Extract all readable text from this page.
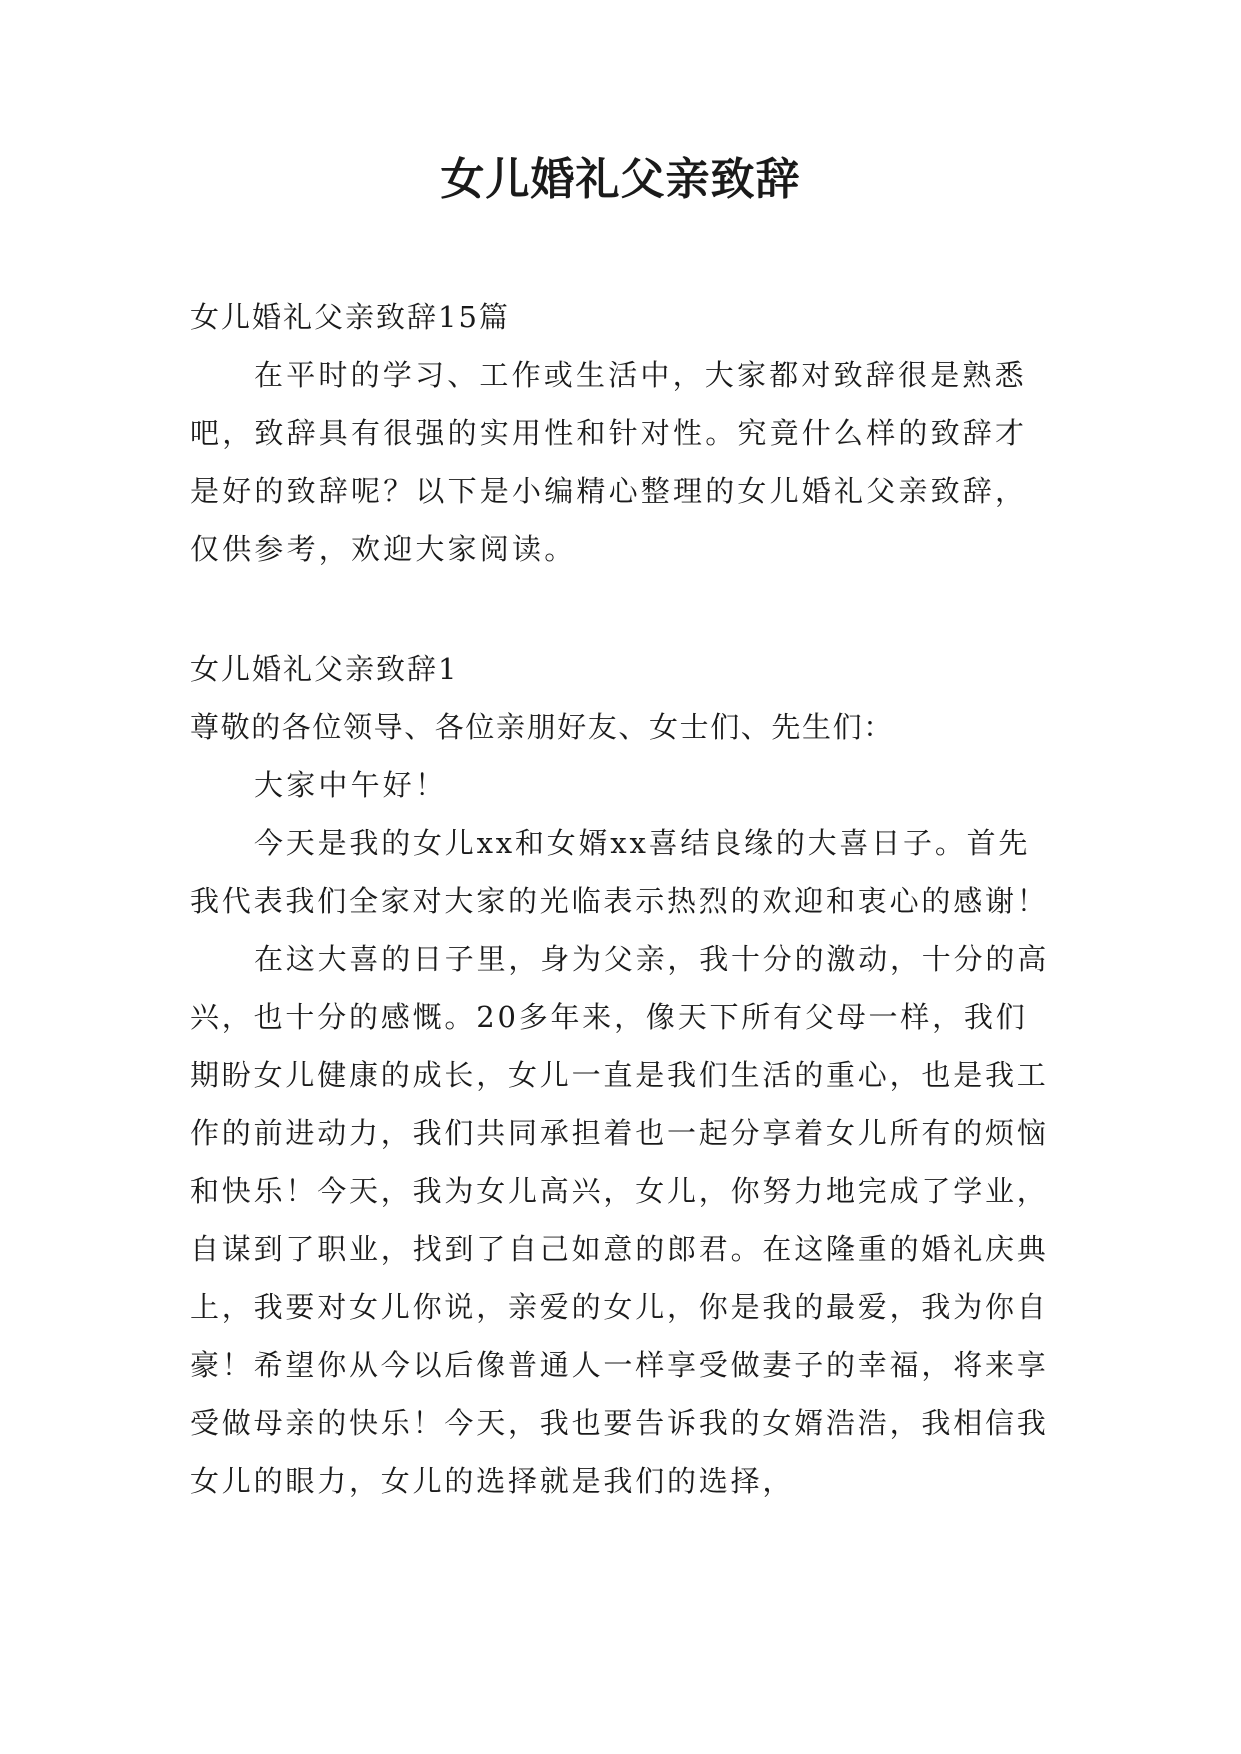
女儿婚礼父亲致辞

女儿婚礼父亲致辞15篇

在平时的学习、工作或生活中，大家都对致辞很是熟悉吧，致辞具有很强的实用性和针对性。究竟什么样的致辞才是好的致辞呢？以下是小编精心整理的女儿婚礼父亲致辞，仅供参考，欢迎大家阅读。

女儿婚礼父亲致辞1

尊敬的各位领导、各位亲朋好友、女士们、先生们：

大家中午好！

今天是我的女儿xx和女婿xx喜结良缘的大喜日子。首先我代表我们全家对大家的光临表示热烈的欢迎和衷心的感谢！

在这大喜的日子里，身为父亲，我十分的激动，十分的高兴，也十分的感慨。20多年来，像天下所有父母一样，我们期盼女儿健康的成长，女儿一直是我们生活的重心，也是我工作的前进动力，我们共同承担着也一起分享着女儿所有的烦恼和快乐！今天，我为女儿高兴，女儿，你努力地完成了学业，自谋到了职业，找到了自己如意的郎君。在这隆重的婚礼庆典上，我要对女儿你说，亲爱的女儿，你是我的最爱，我为你自豪！希望你从今以后像普通人一样享受做妻子的幸福，将来享受做母亲的快乐！今天，我也要告诉我的女婿浩浩，我相信我女儿的眼力，女儿的选择就是我们的选择，
